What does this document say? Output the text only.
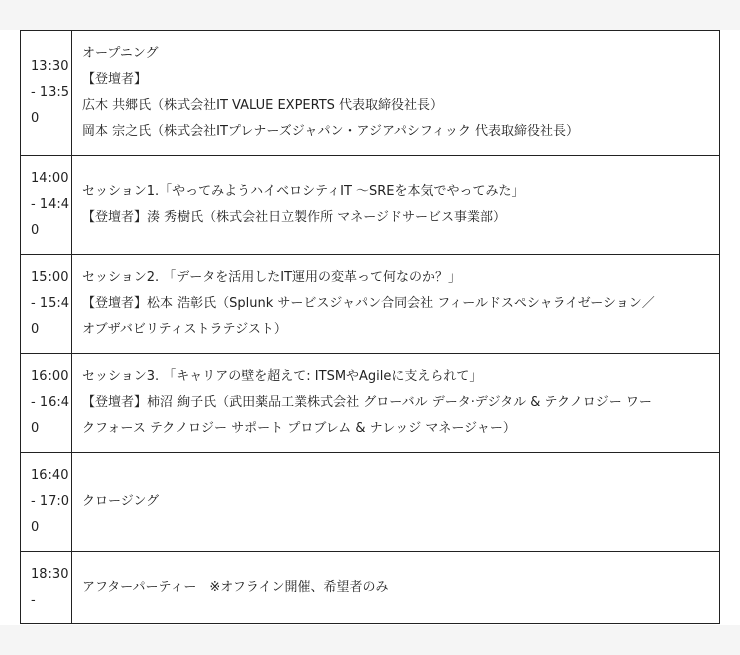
13:30
- 13:5
0	オープニング
【登壇者】
広木 共郷氏（株式会社IT VALUE EXPERTS 代表取締役社長）
岡本 宗之氏（株式会社ITプレナーズジャパン・アジアパシフィック 代表取締役社長）

14:00
- 14:4
0	セッション1.「やってみようハイベロシティIT 〜SREを本気でやってみた」
【登壇者】湊 秀樹氏（株式会社日立製作所 マネージドサービス事業部）

15:00
- 15:4
0	セッション2. 「データを活用したIT運用の変革って何なのか？」
【登壇者】松本 浩彰氏（Splunk サービスジャパン合同会社 フィールドスペシャライゼーション／
オブザバビリティストラテジスト）

16:00
- 16:4
0	セッション3. 「キャリアの壁を超えて: ITSMやAgileに支えられて」
【登壇者】柿沼 絢子氏（武田薬品工業株式会社 グローバル データ·デジタル & テクノロジー ワー
クフォース テクノロジー サポート プロブレム & ナレッジ マネージャー）

16:40
- 17:0
0	クロージング

18:30
-	アフターパーティー　※オフライン開催、希望者のみ
